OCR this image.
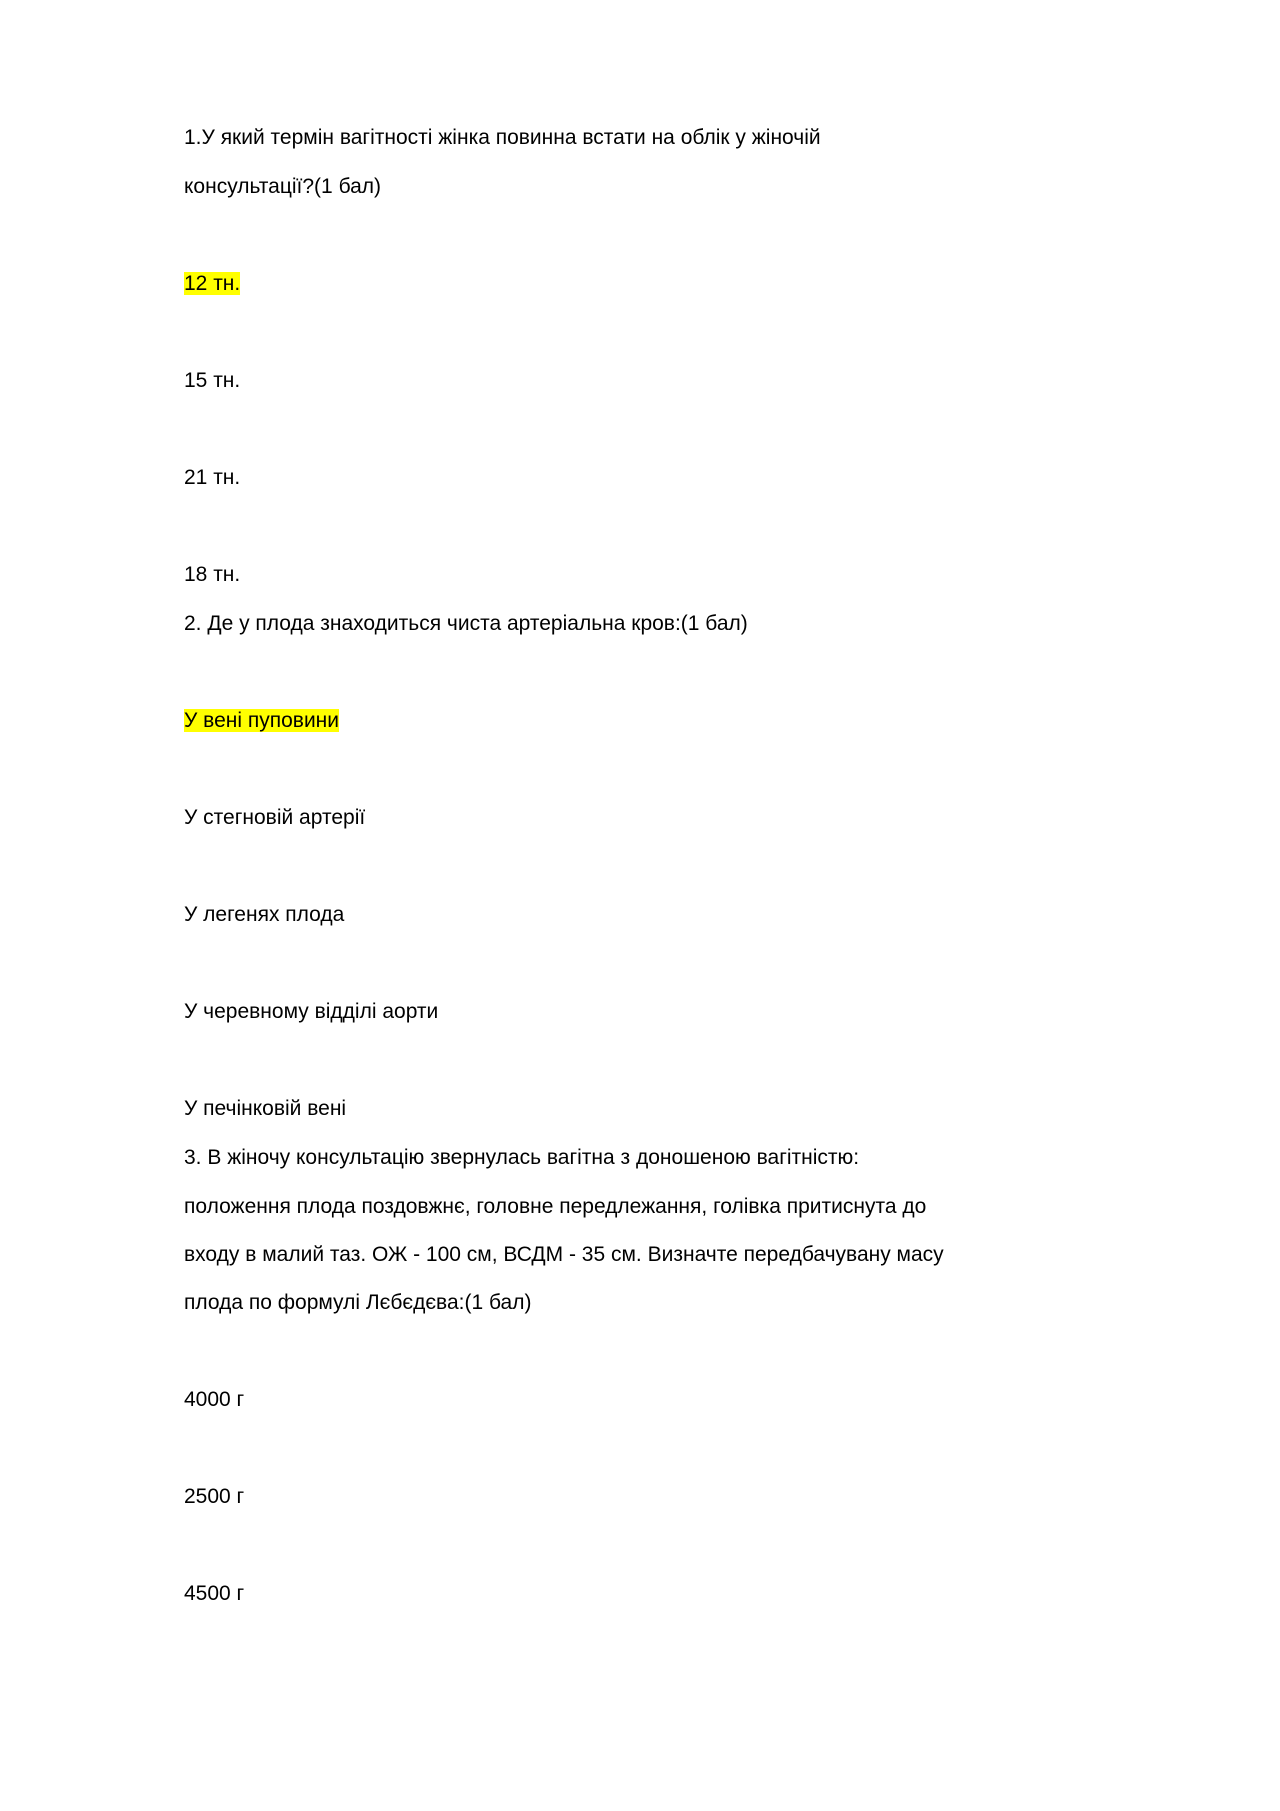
1.У який термін вагітності жінка повинна встати на облік у жіночій
консультації?(1 бал)
12 тн.
15 тн.
21 тн.
18 тн.
2. Де у плода знаходиться чиста артеріальна кров:(1 бал)
У вені пуповини
У стегновій артерії
У легенях плода
У черевному відділі аорти
У печінковій вені
3. В жіночу консультацію звернулась вагітна з доношеною вагітністю:
положення плода поздовжнє, головне передлежання, голівка притиснута до
входу в малий таз. ОЖ - 100 см, ВСДМ - 35 см. Визначте передбачувану масу
плода по формулі Лєбєдєва:(1 бал)
4000 г
2500 г
4500 г
